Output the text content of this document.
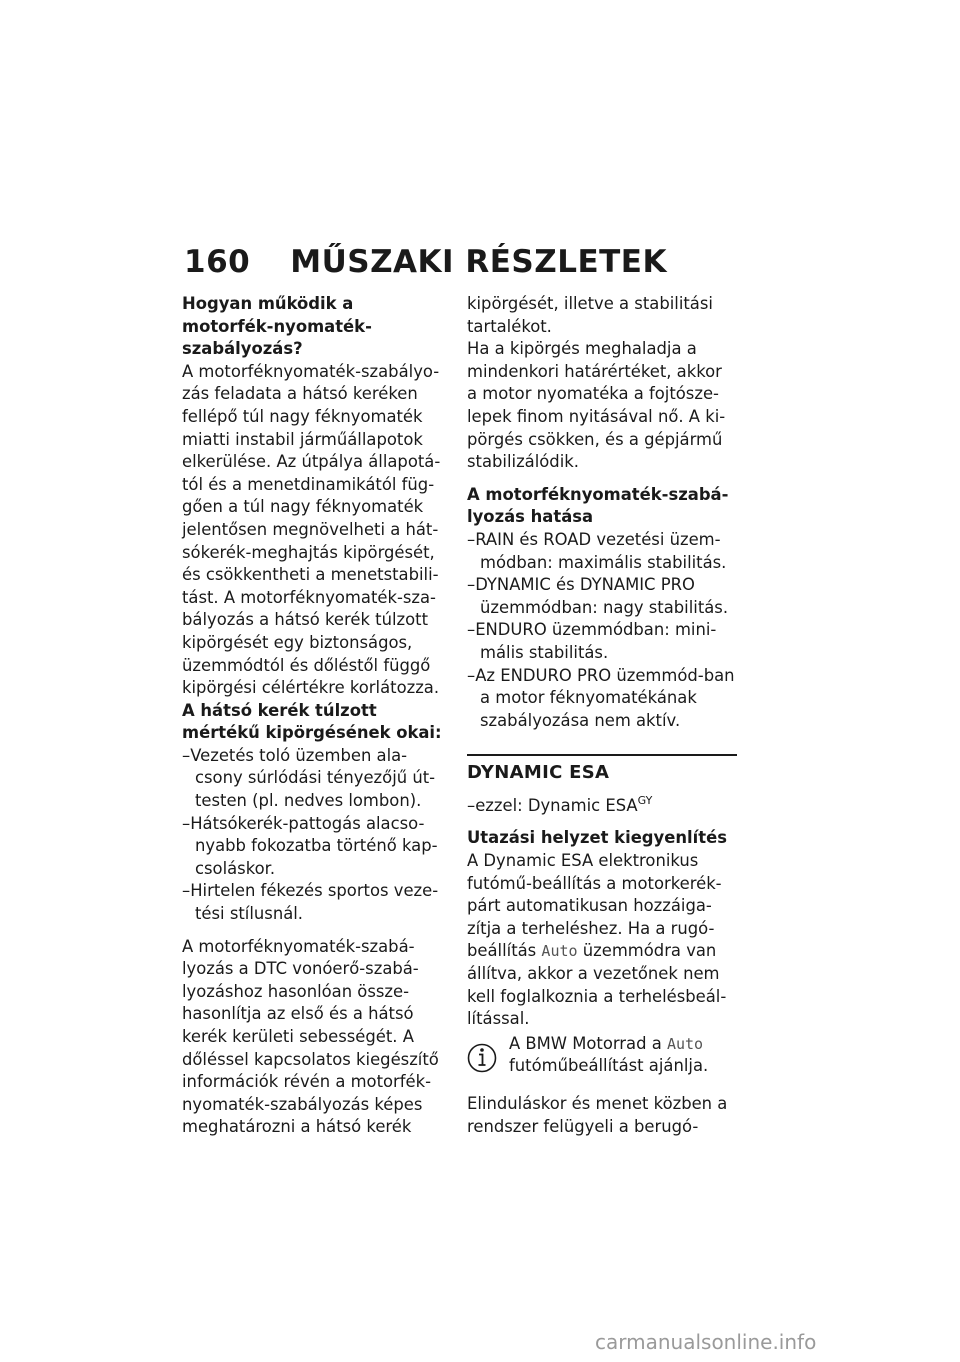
160 MŰSZAKI RÉSZLETEK

Hogyan működik a motorfék-nyomaték-szabályozás?

A motorféknyomaték-szabályo-zás feladata a hátsó keréken fellépő túl nagy féknyomaték miatti instabil járműállapotok elkerülése. Az útpálya állapotá-tól és a menetdinamikától füg-gően a túl nagy féknyomaték jelentősen megnövelheti a hát-sókerék-meghajtás kipörgését, és csökkentheti a menetstabili-tást. A motorféknyomaték-sza-bályozás a hátsó kerék túlzott kipörgését egy biztonságos, üzemmódtól és dőléstől függő kipörgési célértékre korlátozza.

A hátsó kerék túlzott mértékű kipörgésének okai:

–Vezetés toló üzemben ala-csony súrlódási tényezőjű út-testen (pl. nedves lombon).

–Hátsókerék-pattogás alacso-nyabb fokozatba történő kap-csoláskor.

–Hirtelen fékezés sportos veze-tési stílusnál.

A motorféknyomaték-szabá-lyozás a DTC vonóerő-szabá-lyozáshoz hasonlóan össze-hasonlítja az első és a hátsó kerék kerületi sebességét. A dőléssel kapcsolatos kiegészítő információk révén a motorfék-nyomaték-szabályozás képes meghatározni a hátsó kerék

kipörgését, illetve a stabilitási tartalékot.

Ha a kipörgés meghaladja a mindenkori határértéket, akkor a motor nyomatéka a fojtósze-lepek finom nyitásával nő. A ki-pörgés csökken, és a gépjármű stabilizálódik.

A motorféknyomaték-szabá-lyozás hatása

–RAIN és ROAD vezetési üzem-módban: maximális stabilitás.

–DYNAMIC és DYNAMIC PRO üzemmódban: nagy stabilitás.

–ENDURO üzemmódban: mini-mális stabilitás.

–Az ENDURO PRO üzemmód-ban a motor féknyomatékának szabályozása nem aktív.

DYNAMIC ESA

–ezzel: Dynamic $ESA^{GY}$

Utazási helyzet kiegyenlítés

A Dynamic ESA elektronikus futómű-beállítás a motorkerék-párt automatikusan hozzáiga-zítja a terheléshez. Ha a rugó-beállítás Auto üzemmódra van állítva, akkor a vezetőnek nem kell foglalkoznia a terhelésbeál-lítással.

A BMW Motorrad a Auto futóműbeállítást ajánlja.

Elinduláskor és menet közben a rendszer felügyeli a berugó-

carmanualsonline.info
